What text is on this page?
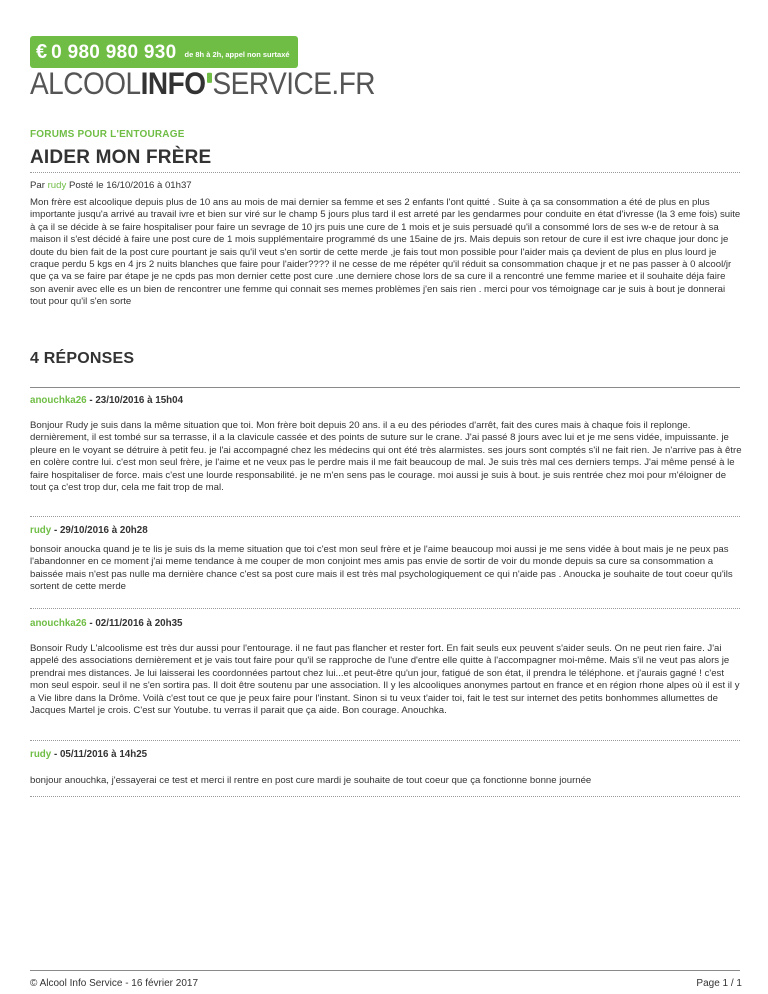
€ 0 980 980 930 de 8h à 2h, appel non surtaxé
ALCOOLINFO SERVICE.FR
FORUMS POUR L'ENTOURAGE
AIDER MON FRÈRE
Par rudy Posté le 16/10/2016 à 01h37
Mon frère est alcoolique depuis plus de 10 ans au mois de mai dernier sa femme et ses 2 enfants l'ont quitté . Suite à ça sa consommation a été de plus en plus importante jusqu'a arrivé au travail ivre et bien sur viré sur le champ 5 jours plus tard il est arreté par les gendarmes pour conduite en état d'ivresse (la 3 eme fois) suite à ça il se décide à se faire hospitaliser pour faire un sevrage de 10 jrs puis une cure de 1 mois et je suis persuadé qu'il a consommé lors de ses w-e de retour à sa maison il s'est décidé à faire une post cure de 1 mois supplémentaire programmé ds une 15aine de jrs. Mais depuis son retour de cure il est ivre chaque jour donc je doute du bien fait de la post cure pourtant je sais qu'il veut s'en sortir de cette merde ,je fais tout mon possible pour l'aider mais ça devient de plus en plus lourd je craque perdu 5 kgs en 4 jrs 2 nuits blanches que faire pour l'aider???? il ne cesse de me répéter qu'il réduit sa consommation chaque jr et ne pas passer à 0 alcool/jr que ça va se faire par étape je ne cpds pas mon dernier cette post cure .une derniere chose lors de sa cure il a rencontré une femme mariee et il souhaite déja faire son avenir avec elle es un bien de rencontrer une femme qui connait ses memes problèmes j'en sais rien . merci pour vos témoignage car je suis à bout je donnerai tout pour qu'il s'en sorte
4 RÉPONSES
anouchka26 - 23/10/2016 à 15h04
Bonjour Rudy je suis dans la même situation que toi. Mon frère boit depuis 20 ans. il a eu des périodes d'arrêt, fait des cures mais à chaque fois il replonge. dernièrement, il est tombé sur sa terrasse, il a la clavicule cassée et des points de suture sur le crane. J'ai passé 8 jours avec lui et je me sens vidée, impuissante. je pleure en le voyant se détruire à petit feu. je l'ai accompagné chez les médecins qui ont été très alarmistes. ses jours sont comptés s'il ne fait rien. Je n'arrive pas à être en colère contre lui. c'est mon seul frère, je l'aime et ne veux pas le perdre mais il me fait beaucoup de mal. Je suis très mal ces derniers temps. J'ai même pensé à le faire hospitaliser de force. mais c'est une lourde responsabilité. je ne m'en sens pas le courage. moi aussi je suis à bout. je suis rentrée chez moi pour m'éloigner de tout ça c'est trop dur, cela me fait trop de mal.
rudy - 29/10/2016 à 20h28
bonsoir anoucka quand je te lis je suis ds la meme situation que toi c'est mon seul frère et je l'aime beaucoup moi aussi je me sens vidée à bout mais je ne peux pas l'abandonner en ce moment j'ai meme tendance à me couper de mon conjoint mes amis pas envie de sortir de voir du monde depuis sa cure sa consommation a baissée mais n'est pas nulle ma dernière chance c'est sa post cure mais il est très mal psychologiquement ce qui n'aide pas . Anoucka je souhaite de tout coeur qu'ils sortent de cette merde
anouchka26 - 02/11/2016 à 20h35
Bonsoir Rudy L'alcoolisme est très dur aussi pour l'entourage. il ne faut pas flancher et rester fort. En fait seuls eux peuvent s'aider seuls. On ne peut rien faire. J'ai appelé des associations dernièrement et je vais tout faire pour qu'il se rapproche de l'une d'entre elle quitte à l'accompagner moi-même. Mais s'il ne veut pas alors je prendrai mes distances. Je lui laisserai les coordonnées partout chez lui...et peut-être qu'un jour, fatigué de son état, il prendra le téléphone. et j'aurais gagné ! c'est mon seul espoir. seul il ne s'en sortira pas. Il doit être soutenu par une association. Il y les alcooliques anonymes partout en france et en région rhone alpes où il est il y a Vie libre dans la Drôme. Voilà c'est tout ce que je peux faire pour l'instant. Sinon si tu veux t'aider toi, fait le test sur internet des petits bonhommes allumettes de Jacques Martel je crois. C'est sur Youtube. tu verras il parait que ça aide. Bon courage. Anouchka.
rudy - 05/11/2016 à 14h25
bonjour anouchka, j'essayerai ce test et merci il rentre en post cure mardi je souhaite de tout coeur que ça fonctionne bonne journée
© Alcool Info Service - 16 février 2017	Page 1 / 1
